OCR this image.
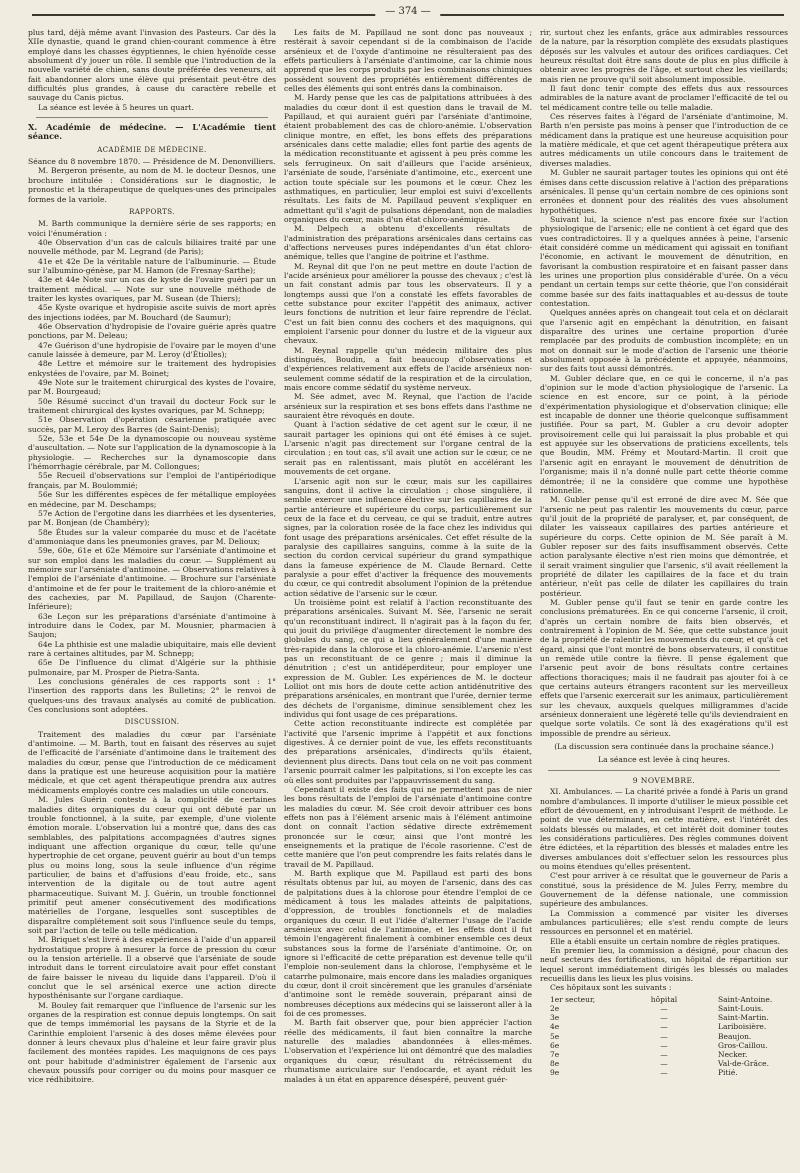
— 374 —

plus tard, déjà même avant l'invasion des Pasteurs. Car dès la XIIe dynastie, quand le grand chien-courant commence à être employé dans les chasses égyptiennes, le chien hyénoïde cesse absolument d'y jouer un rôle. Il semble que l'introduction de la nouvelle variété de chien, sans doute préférée des veneurs, ait fait abandonner alors une élève qui présentait peut-être des difficultés plus grandes, à cause du caractère rebelle et sauvage du Canis pictus.

La séance est levée à 5 heures un quart.

X. Académie de médecine. — L'Académie tient séance.

ACADÉMIE DE MÉDECINE.

Séance du 8 novembre 1870. — Présidence de M. Denonvilliers.

M. Bergeron présente, au nom de M. le docteur Desnos, une brochure intitulée : Considérations sur le diagnostic, le pronostic et la thérapeutique de quelques-unes des principales formes de la variole.

RAPPORTS.

M. Barth communique la dernière série de ses rapports; en voici l'énumération :

40e Observation d'un cas de calculs biliaires traité par une nouvelle méthode, par M. Legrand (de Paris);

41e et 42e De la véritable nature de l'albuminurie. — Étude sur l'albumino-génèse, par M. Hamon (de Fresnay-Sarthe);

43e et 44e Note sur un cas de kyste de l'ovaire guéri par un traitement médical. — Note sur une nouvelle méthode de traiter les kystes ovariques, par M. Susean (de Thiers);

45e Kyste ovarique et hydropisie ascite suivis de mort après des injections iodées, par M. Bouchard (de Saumur);

46e Observation d'hydropisie de l'ovaire guérie après quatre ponctions, par M. Deleau;

47e Guérison d'une hydropisie de l'ovaire par le moyen d'une canule laissée à demeure, par M. Leroy (d'Étiolles);

48e Lettre et mémoire sur le traitement des hydropisies enkystées de l'ovaire, par M. Boinet;

49e Note sur le traitement chirurgical des kystes de l'ovaire, par M. Bourgeaud;

50e Résumé succinct d'un travail du docteur Fock sur le traitement chirurgical des kystes ovariques, par M. Schnepp;

51e Observation d'opération césarienne pratiquée avec succès, par M. Leroy des Barres (de Saint-Denis);

52e, 53e et 54e De la dynamoscopie ou nouveau système d'auscultation. — Note sur l'application de la dynamoscopie à la physiologie. — Recherches sur la dynamoscopie dans l'hémorrhagie cérébrale, par M. Collongues;

55e Recueil d'observations sur l'emploi de l'antipériodique français, par M. Boulommié;

56e Sur les différentes espèces de fer métallique employées en médecine, par M. Deschamps;

57e Action de l'ergotine dans les diarrhées et les dysenteries, par M. Bonjean (de Chambéry);

58e Études sur la valeur comparée du musc et de l'acétate d'ammoniaque dans les pneumonies graves, par M. Delioux;

59e, 60e, 61e et 62e Mémoire sur l'arséniate d'antimoine et sur son emploi dans les maladies du cœur. — Supplément au mémoire sur l'arséniate d'antimoine. — Observations relatives à l'emploi de l'arséniate d'antimoine. — Brochure sur l'arséniate d'antimoine et de fer pour le traitement de la chloro-anémie et des cachexies, par M. Papillaud, de Saujon (Charente-Inférieure);

63e Leçon sur les préparations d'arséniate d'antimoine à introduire dans le Codex, par M. Mousnier, pharmacien à Saujon;

64e La phthisie est une maladie ubiquitaire, mais elle devient rare à certaines altitudes, par M. Schnepp;

65e De l'influence du climat d'Algérie sur la phthisie pulmonaire, par M. Prosper de Pietra-Santa.

Les conclusions générales de ces rapports sont : 1° l'insertion des rapports dans les Bulletins; 2° le renvoi de quelques-uns des travaux analysés au comité de publication. Ces conclusions sont adoptées.

DISCUSSION.

Traitement des maladies du cœur par l'arséniate d'antimoine. — M. Barth, tout en faisant des réserves au sujet de l'efficacité de l'arséniate d'antimoine dans le traitement des maladies du cœur, pense que l'introduction de ce médicament dans la pratique est une heureuse acquisition pour la matière médicale, et que cet agent thérapeutique prendra aux autres médicaments employés contre ces maladies un utile concours.

M. Jules Guérin conteste à la complicité de certaines maladies dites organiques du cœur qui ont débuté par un trouble fonctionnel, à la suite, par exemple, d'une violente émotion morale. L'observation lui a montré que, dans des cas semblables, des palpitations accompagnées d'autres signes indiquant une affection organique du cœur, telle qu'une hypertrophie de cet organe, peuvent guérir au bout d'un temps plus ou moins long, sous la seule influence d'un régime particulier, de bains et d'affusions d'eau froide, etc., sans intervention de la digitale ou de tout autre agent pharmaceutique. Suivant M. J. Guérin, un trouble fonctionnel primitif peut amener consécutivement des modifications matérielles de l'organe, lesquelles sont susceptibles de disparaître complétement soit sous l'influence seule du temps, soit par l'action de telle ou telle médication.

M. Briquet s'est livré à des expériences à l'aide d'un appareil hydrostatique propre à mesurer la force de pression du cœur ou la tension artérielle. Il a observé que l'arséniate de soude introduit dans le torrent circulatoire avait pour effet constant de faire baisser le niveau du liquide dans l'appareil. D'où il conclut que le sel arsénical exerce une action directe hyposthénisante sur l'organe cardiaque.

M. Bouley fait remarquer que l'influence de l'arsenic sur les organes de la respiration est connue depuis longtemps. On sait que de temps immémorial les paysans de la Styrie et de la Carinthie emploient l'arsenic à des doses même élevées pour donner à leurs chevaux plus d'haleine et leur faire gravir plus facilement des montées rapides. Les maquignons de ces pays ont pour habitude d'administrer également de l'arsenic aux chevaux poussifs pour corriger ou du moins pour masquer ce vice rédhibitoire.

Les faits de M. Papillaud ne sont donc pas nouveaux ; restérait à savoir cependant si de la combinaison de l'acide arsénieux et de l'oxyde d'antimoine ne résulteraient pas des effets particuliers à l'arséniate d'antimoine, car la chimie nous apprend que les corps produits par les combinaisons chimiques possèdent souvent des propriétés entièrement différentes de celles des éléments qui sont entrés dans la combinaison.

M. Hardy pense que les cas de palpitations attribuées à des maladies du cœur dont il est question dans le travail de M. Papillaud, et qui auraient guéri par l'arséniate d'antimoine, étaient probablement des cas de chloro-anémie. L'observation clinique montre, en effet, les bons effets des préparations arsénicales dans cette maladie; elles font partie des agents de la médication reconstituante et agissent à peu près comme les sels ferrugineux. On sait d'ailleurs que l'acide arsénieux, l'arséniate de soude, l'arséniate d'antimoine, etc., exercent une action toute spéciale sur les poumons et le cœur. Chez les asthmatiques, en particulier, leur emploi est suivi d'excellents résultats. Les faits de M. Papillaud peuvent s'expliquer en admettant qu'il s'agit de pulsations dépendant, non de maladies organiques du cœur, mais d'un état chloro-anémique.

M. Delpech a obtenu d'excellents résultats de l'administration des préparations arsénicales dans certains cas d'affections nerveuses pures indépendantes d'un état chloro-anémique, telles que l'angine de poitrine et l'asthme.

M. Reynal dit que l'on ne peut mettre en doute l'action de l'acide arsénieux pour améliorer la pousse des chevaux ; c'est là un fait constant admis par tous les observateurs. Il y a longtemps aussi que l'on a constaté les effets favorables de cette substance pour exciter l'appétit des animaux, activer leurs fonctions de nutrition et leur faire reprendre de l'éclat. C'est un fait bien connu des cochers et des maquignons, qui emploient l'arsenic pour donner du lustre et de la vigueur aux chevaux.

M. Reynal rappelle qu'un médecin militaire des plus distingués, Boudin, a fait beaucoup d'observations et d'expériences relativement aux effets de l'acide arsénieux non-seulement comme sédatif de la respiration et de la circulation, mais encore comme sédatif du système nerveux.

M. Sée admet, avec M. Reynal, que l'action de l'acide arsénieux sur la respiration et ses bons effets dans l'asthme ne sauraient être révoqués en doute.

Quant à l'action sédative de cet agent sur le cœur, il ne saurait partager les opinions qui ont été émises à ce sujet. L'arsenic n'agit pas directement sur l'organe central de la circulation ; en tout cas, s'il avait une action sur le cœur, ce ne serait pas en ralentissant, mais plutôt en accélérant les mouvements de cet organe.

L'arsenic agit non sur le cœur, mais sur les capillaires sanguins, dont il active la circulation ; chose singulière, il semble exercer une influence élective sur les capillaires de la partie antérieure et supérieure du corps, particulièrement sur ceux de la face et du cerveau, ce qui se traduit, entre autres signes, par la coloration rosée de la face chez les individus qui font usage des préparations arsénicales. Cet effet résulte de la paralysie des capillaires sanguins, comme à la suite de la section du cordon cervical supérieur du grand sympathique dans la fameuse expérience de M. Claude Bernard. Cette paralysie a pour effet d'activer la fréquence des mouvements du cœur, ce qui contredit absolument l'opinion de la prétendue action sédative de l'arsenic sur le cœur.

Un troisième point est relatif à l'action reconstituante des préparations arsénicales. Suivant M. Sée, l'arsenic ne serait qu'un reconstituant indirect. Il n'agirait pas à la façon du fer, qui jouit du privilège d'augmenter directement le nombre des globules du sang, ce qui a lieu généralement d'une manière très-rapide dans la chlorose et la chloro-anémie. L'arsenic n'est pas un reconstituant de ce genre ; mais il diminue la dénutrition ; c'est un antidéperditeur, pour employer une expression de M. Gubler. Les expériences de M. le docteur Lolliot ont mis hors de doute cette action antidénutritive des préparations arsénicales, en montrant que l'urée, dernier terme des déchets de l'organisme, diminue sensiblement chez les individus qui font usage de ces préparations.

Cette action reconstituante indirecte est complétée par l'activité que l'arsenic imprime à l'appétit et aux fonctions digestives. À ce dernier point de vue, les effets reconstituants des préparations arsénicales, d'indirects qu'ils étaient, deviennent plus directs. Dans tout cela on ne voit pas comment l'arsenic pourrait calmer les palpitations, si l'on excepte les cas où elles sont produites par l'appauvrissement du sang.

Cependant il existe des faits qui ne permettent pas de nier les bons résultats de l'emploi de l'arséniate d'antimoine contre les maladies du cœur. M. Sée croit devoir attribuer ces bons effets non pas à l'élément arsenic mais à l'élément antimoine dont on connaît l'action sédative directe extrêmement prononcée sur le cœur, ainsi que l'ont montré les enseignements et la pratique de l'école rasorienne. C'est de cette manière que l'on peut comprendre les faits relatés dans le travail de M. Papillaud.

M. Barth explique que M. Papillaud est parti des bons résultats obtenus par lui, au moyen de l'arsenic, dans des cas de palpitations dues à la chlorose pour étendre l'emploi de ce médicament à tous les malades atteints de palpitations, d'oppression, de troubles fonctionnels et de maladies organiques du cœur. Il eut l'idée d'alterner l'usage de l'acide arsénieux avec celui de l'antimoine, et les effets dont il fut témoin l'engagèrent finalement à combiner ensemble ces deux substances sous la forme de l'arséniate d'antimoine. Or, on ignore si l'efficacité de cette préparation est devenue telle qu'il l'emploie non-seulement dans la chlorose, l'emphysème et le catarrhe pulmonaire, mais encore dans les maladies organiques du cœur, dont il croit sincèrement que les granules d'arséniate d'antimoine sont le remède souverain, préparant ainsi de nombreuses déceptions aux médecins qui se laisseront aller à la foi de ces promesses.

M. Barth fait observer que, pour bien apprécier l'action réelle des médicaments, il faut bien connaître la marche naturelle des maladies abandonnées à elles-mêmes. L'observation et l'expérience lui ont démontré que des maladies organiques du cœur, résultant du rétrécissement du rhumatisme auriculaire sur l'endocarde, et ayant réduit les malades à un état en apparence désespéré, peuvent guér-

rir, surtout chez les enfants, grâce aux admirables ressources de la nature, par la résorption complète des exsudats plastiques déposés sur les valvules et autour des orifices cardiaques. Cet heureux résultat doit être sans doute de plus en plus difficile à obtenir avec les progrès de l'âge, et surtout chez les vieillards; mais rien ne prouve qu'il soit absolument impossible.

Il faut donc tenir compte des effets dus aux ressources admirables de la nature avant de proclamer l'efficacité de tel ou tel médicament contre telle ou telle maladie.

Ces réserves faites à l'égard de l'arséniate d'antimoine, M. Barth n'en persiste pas moins à penser que l'introduction de ce médicament dans la pratique est une heureuse acquisition pour la matière médicale, et que cet agent thérapeutique prêtera aux autres médicaments un utile concours dans le traitement de diverses maladies.

M. Gubler ne saurait partager toutes les opinions qui ont été émises dans cette discussion relative à l'action des préparations arsénicales. Il pense qu'un certain nombre de ces opinions sont erronées et donnent pour des réalités des vues absolument hypothétiques.

Suivant lui, la science n'est pas encore fixée sur l'action physiologique de l'arsenic; elle ne contient à cet égard que des vues contradictoires. Il y a quelques années à peine, l'arsenic était considéré comme un médicament qui agissait en tonifiant l'économie, en activant le mouvement de dénutrition, en favorisant la combustion respiratoire et en faisant passer dans les urines une proportion plus considérable d'urée. On a vécu pendant un certain temps sur cette théorie, que l'on considérait comme basée sur des faits inattaquables et au-dessus de toute contestation.

Quelques années après on changeait tout cela et on déclarait que l'arsenic agit en empêchant la dénutrition, en faisant disparaître des urines une certaine proportion d'urée remplacée par des produits de combustion incomplète; en un mot on donnait sur le mode d'action de l'arsenic une théorie absolument opposée à la précédente et appuyée, néanmoins, sur des faits tout aussi démontrés.

M. Gubler déclare que, en ce qui le concerne, il n'a pas d'opinion sur le mode d'action physiologique de l'arsenic. La science en est encore, sur ce point, à la période d'expérimentation physiologique et d'observation clinique; elle est incapable de donner une théorie quelconque suffisamment justifiée. Pour sa part, M. Gubler a cru devoir adopter provisoirement celle qui lui paraissait la plus probable et qui est appuyée sur les observations de praticiens excellents, tels que Boudin, MM. Frémy et Moutard-Martin. Il croit que l'arsenic agit en enrayant le mouvement de dénutrition de l'organisme; mais il n'a donné nulle part cette théorie comme démontrée; il ne la considère que comme une hypothèse rationnelle.

M. Gubler pense qu'il est erroné de dire avec M. Sée que l'arsenic ne peut pas ralentir les mouvements du cœur, parce qu'il jouit de la propriété de paralyser, et, par conséquent, de dilater les vaisseaux capillaires des parties antérieure et supérieure du corps. Cette opinion de M. Sée paraît à M. Gubler reposer sur des faits insuffisamment observés. Cette action paralysante élective n'est rien moins que démontrée, et il serait vraiment singulier que l'arsenic, s'il avait réellement la propriété de dilater les capillaires de la face et du train antérieur, n'eût pas celle de dilater les capillaires du train postérieur.

M. Gubler pense qu'il faut se tenir en garde contre les conclusions prématurées. En ce qui concerne l'arsenic, il croit, d'après un certain nombre de faits bien observés, et contrairement à l'opinion de M. Sée, que cette substance jouit de la propriété de ralentir les mouvements du cœur, et qu'à cet égard, ainsi que l'ont montré de bons observateurs, il constitue un remède utile contre la fièvre. Il pense également que l'arsenic peut avoir de bons résultats contre certaines affections thoraciques; mais il ne faudrait pas ajouter foi à ce que certains auteurs étrangers racontent sur les merveilleux effets que l'arsenic exercerait sur les animaux, particulièrement sur les chevaux, auxquels quelques milligrammes d'acide arsénieux donneraient une légèreté telle qu'ils deviendraient en quelque sorte volatils. Ce sont là des exagérations qu'il est impossible de prendre au sérieux.

(La discussion sera continuée dans la prochaine séance.)

La séance est levée à cinq heures.

9 NOVEMBRE.

XI. Ambulances. — La charité privée a fondé à Paris un grand nombre d'ambulances. Il importe d'utiliser le mieux possible cet effort de dévouement, en y introduisant l'esprit de méthode. Le point de vue déterminant, en cette matière, est l'intérêt des soldats blessés ou malades, et cet intérêt doit dominer toutes les considérations particulières. Des règles communes doivent être édictées, et la répartition des blessés et malades entre les diverses ambulances doit s'effectuer selon les ressources plus ou moins étendues qu'elles présentent.

C'est pour arriver à ce résultat que le gouverneur de Paris a constitué, sous la présidence de M. Jules Ferry, membre du Gouvernement de la défense nationale, une commission supérieure des ambulances.

La Commission a commencé par visiter les diverses ambulances particulières; elle s'est rendu compte de leurs ressources en personnel et en matériel.

Elle a établi ensuite un certain nombre de règles pratiques.

En premier lieu, la commission a désigné, pour chacun des neuf secteurs des fortifications, un hôpital de répartition sur lequel seront immédiatement dirigés les blessés ou malades recueillis dans les lieux les plus voisins.

Ces hôpitaux sont les suivants :

1er secteur,	hôpital	Saint-Antoine.
2e	—	Saint-Louis.
3e	—	Saint-Martin.
4e	—	Lariboisière.
5e	—	Beaujon.
6e	—	Gros-Caillou.
7e	—	Necker.
8e	—	Val-de-Grâce.
9e	—	Pitié.
